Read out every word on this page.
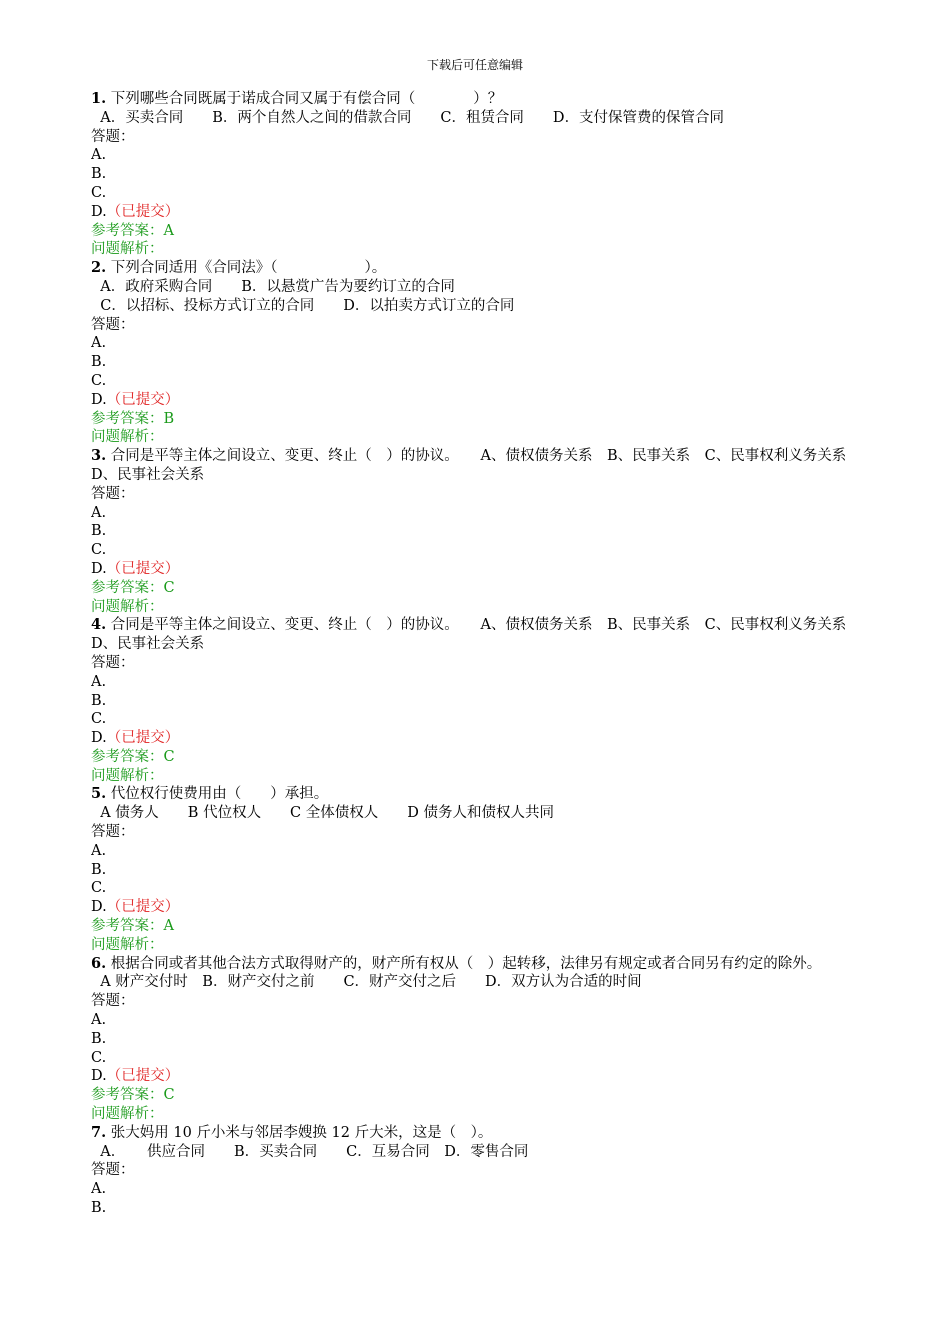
下载后可任意编辑
1. 下列哪些合同既属于诺成合同又属于有偿合同（　　　　）？
A．买卖合同　　B．两个自然人之间的借款合同　　C．租赁合同　　D．支付保管费的保管合同
答题：
A.
B.
C.
D.（已提交）
参考答案：A
问题解析：
2. 下列合同适用《合同法》（　　　　　　）。
A．政府采购合同　　B．以悬赏广告为要约订立的合同
C．以招标、投标方式订立的合同　　D．以拍卖方式订立的合同
答题：
A.
B.
C.
D.（已提交）
参考答案：B
问题解析：
3. 合同是平等主体之间设立、变更、终止（　）的协议。　　A、债权债务关系　B、民事关系　C、民事权利义务关系　D、民事社会关系
答题：
A.
B.
C.
D.（已提交）
参考答案：C
问题解析：
4. 合同是平等主体之间设立、变更、终止（　）的协议。　　A、债权债务关系　B、民事关系　C、民事权利义务关系　D、民事社会关系
答题：
A.
B.
C.
D.（已提交）
参考答案：C
问题解析：
5. 代位权行使费用由（　　）承担。
A 债务人　　B 代位权人　　C 全体债权人　　D 债务人和债权人共同
答题：
A.
B.
C.
D.（已提交）
参考答案：A
问题解析：
6. 根据合同或者其他合法方式取得财产的，财产所有权从（　）起转移，法律另有规定或者合同另有约定的除外。
A 财产交付时　B．财产交付之前　　C．财产交付之后　　D．双方认为合适的时间
答题：
A.
B.
C.
D.（已提交）
参考答案：C
问题解析：
7. 张大妈用 10 斤小米与邻居李嫂换 12 斤大米，这是（　）。
A．　　供应合同　　B．买卖合同　　C．互易合同　D．零售合同
答题：
A.
B.
